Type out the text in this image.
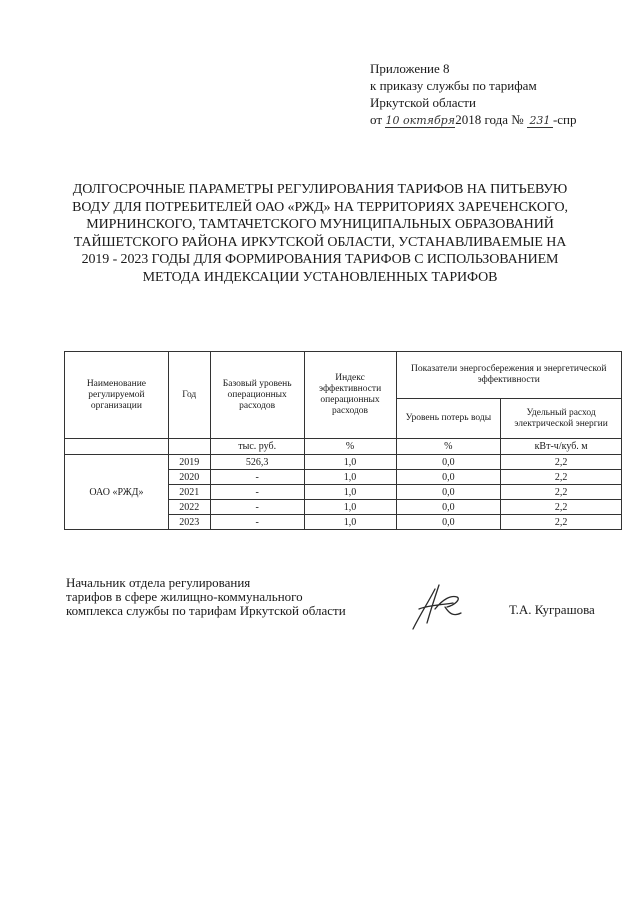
Приложение 8
к приказу службы по тарифам
Иркутской области
от 10 октября2018 года № 231 -спр
ДОЛГОСРОЧНЫЕ ПАРАМЕТРЫ РЕГУЛИРОВАНИЯ ТАРИФОВ НА ПИТЬЕВУЮ ВОДУ ДЛЯ ПОТРЕБИТЕЛЕЙ ОАО «РЖД» НА ТЕРРИТОРИЯХ ЗАРЕЧЕНСКОГО, МИРНИНСКОГО, ТАМТАЧЕТСКОГО МУНИЦИПАЛЬНЫХ ОБРАЗОВАНИЙ ТАЙШЕТСКОГО РАЙОНА ИРКУТСКОЙ ОБЛАСТИ, УСТАНАВЛИВАЕМЫЕ НА 2019 - 2023 ГОДЫ ДЛЯ ФОРМИРОВАНИЯ ТАРИФОВ С ИСПОЛЬЗОВАНИЕМ МЕТОДА ИНДЕКСАЦИИ УСТАНОВЛЕННЫХ ТАРИФОВ
Наименование регулируемой организации	Год	Базовый уровень операционных расходов	Индекс эффективности операционных расходов	Показатели энергосбережения и энергетической эффективности	
				Уровень потерь воды	Удельный расход электрической энергии
		тыс. руб.	%	%	кВт-ч/куб. м
ОАО «РЖД»	2019	526,3	1,0	0,0	2,2
	2020	-	1,0	0,0	2,2
	2021	-	1,0	0,0	2,2
	2022	-	1,0	0,0	2,2
	2023	-	1,0	0,0	2,2
Начальник отдела регулирования
тарифов в сфере жилищно-коммунального
комплекса службы по тарифам Иркутской области	Т.А. Куграшова
